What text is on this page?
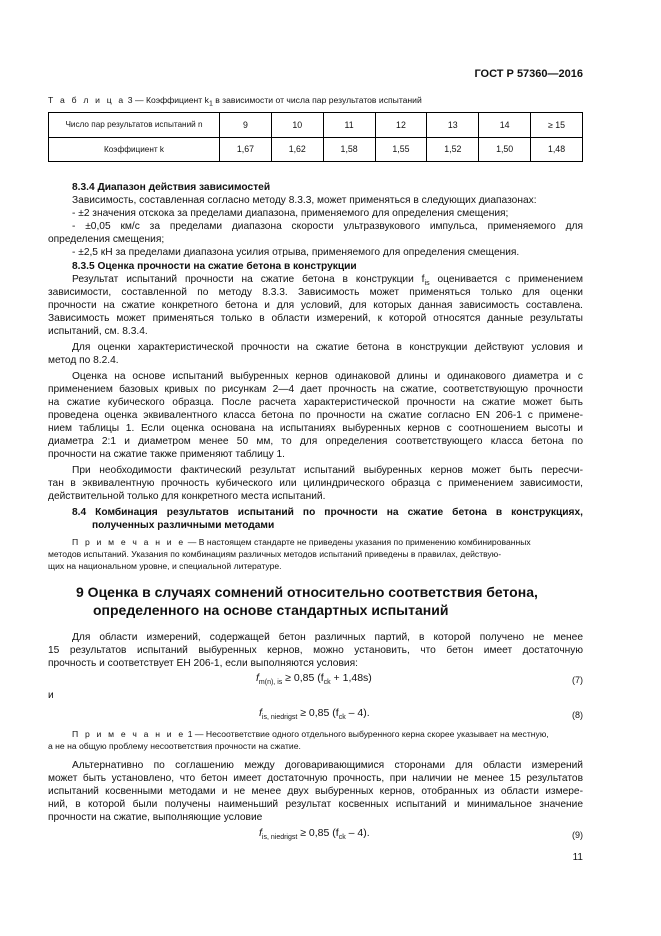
ГОСТ Р 57360—2016
Т а б л и ц а 3 — Коэффициент $k_1$ в зависимости от числа пар результатов испытаний
Число пар результатов испытаний n	9	10	11	12	13	14	≥ 15
Коэффициент k	1,67	1,62	1,58	1,55	1,52	1,50	1,48
8.3.4 Диапазон действия зависимостей
Зависимость, составленная согласно методу 8.3.3, может применяться в следующих диапазонах:
- ±2 значения отскока за пределами диапазона, применяемого для определения смещения;
- ±0,05 км/с за пределами диапазона скорости ультразвукового импульса, применяемого для
определения смещения;
- ±2,5 кН за пределами диапазона усилия отрыва, применяемого для определения смещения.
8.3.5 Оценка прочности на сжатие бетона в конструкции
Результат испытаний прочности на сжатие бетона в конструкции $f_{is}$ оценивается с применением
зависимости, составленной по методу 8.3.3. Зависимость может применяться только для оценки
прочности на сжатие конкретного бетона и для условий, для которых данная зависимость составлена.
Зависимость может применяться только в области измерений, к которой относятся данные результаты
испытаний, см. 8.3.4.
Для оценки характеристической прочности на сжатие бетона в конструкции действуют условия и
метод по 8.2.4.
Оценка на основе испытаний выбуренных кернов одинаковой длины и одинакового диаметра и с
применением базовых кривых по рисункам 2—4 дает прочность на сжатие, соответствующую прочности
на сжатие кубического образца. После расчета характеристической прочности на сжатие может быть
проведена оценка эквивалентного класса бетона по прочности на сжатие согласно EN 206-1 с примене-
нием таблицы 1. Если оценка основана на испытаниях выбуренных кернов с соотношением высоты и
диаметра 2:1 и диаметром менее 50 мм, то для определения соответствующего класса бетона по
прочности на сжатие также применяют таблицу 1.
При необходимости фактический результат испытаний выбуренных кернов может быть пересчи-
тан в эквивалентную прочность кубического или цилиндрического образца с применением зависимости,
действительной только для конкретного места испытаний.
8.4 Комбинация результатов испытаний по прочности на сжатие бетона в конструкциях,
полученных различными методами
П р и м е ч а н и е — В настоящем стандарте не приведены указания по применению комбинированных
методов испытаний. Указания по комбинациям различных методов испытаний приведены в правилах, действую-
щих на национальном уровне, и специальной литературе.
9 Оценка в случаях сомнений относительно соответствия бетона,
определенного на основе стандартных испытаний
Для области измерений, содержащей бетон различных партий, в которой получено не менее
15 результатов испытаний выбуренных кернов, можно установить, что бетон имеет достаточную
прочность и соответствует ЕН 206-1, если выполняются условия:
$f_{m(n), is} \ge 0,85$ $(f_{ck} + 1,48s)$	(7)
и
$f_{is, niedrigst} \ge 0,85$ $(f_{ck} - 4)$.	(8)
П р и м е ч а н и е 1 — Несоответствие одного отдельного выбуренного керна скорее указывает на местную,
а не на общую проблему несоответствия прочности на сжатие.
Альтернативно по соглашению между договаривающимися сторонами для области измерений
может быть установлено, что бетон имеет достаточную прочность, при наличии не менее 15 результатов
испытаний косвенными методами и не менее двух выбуренных кернов, отобранных из области измере-
ний, в которой были получены наименьший результат косвенных испытаний и минимальное значение
прочности на сжатие, выполняющие условие
$f_{is, niedrigst} \ge 0,85$ $(f_{ck} - 4)$.	(9)
11
